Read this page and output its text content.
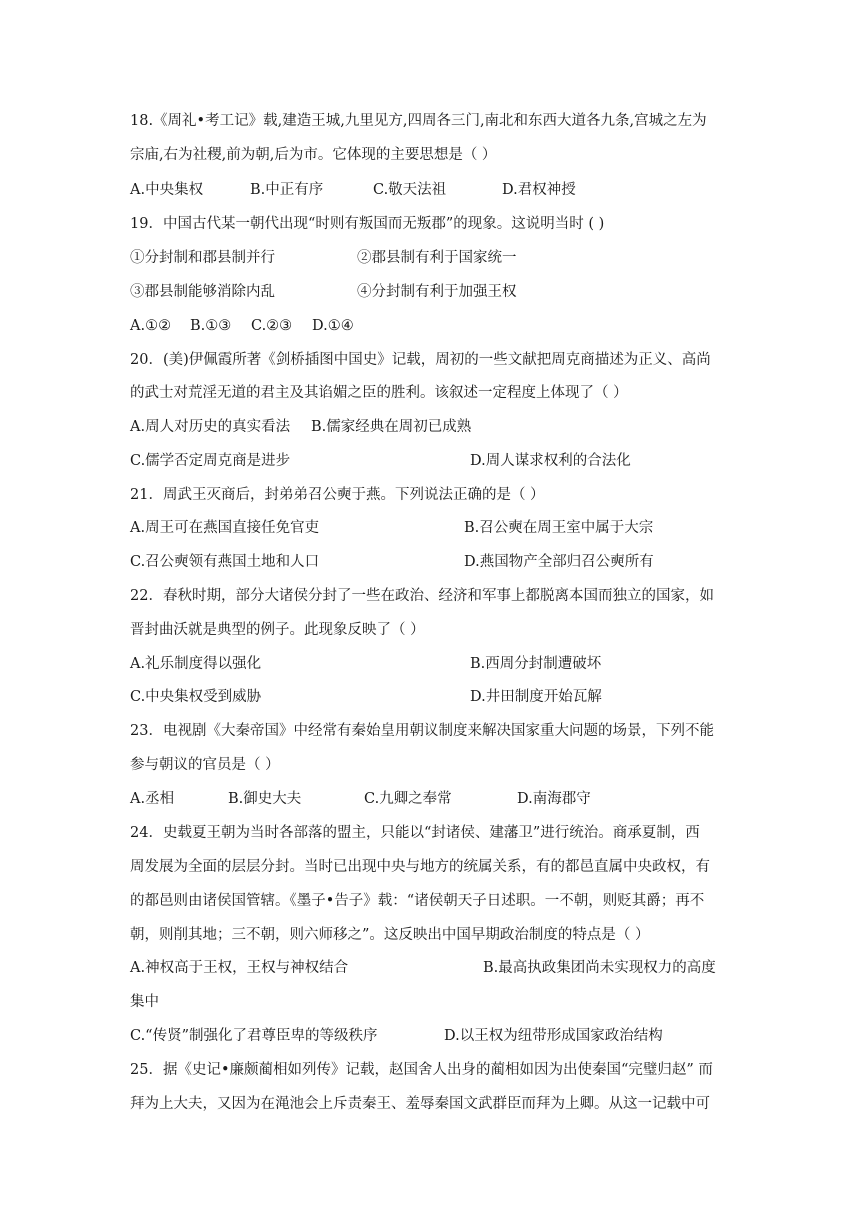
18.《周礼•考工记》载,建造王城,九里见方,四周各三门,南北和东西大道各九条,宫城之左为
宗庙,右为社稷,前为朝,后为市。它体现的主要思想是（ ）
A.中央集权	B.中正有序	C.敬天法祖	D.君权神授
19．中国古代某一朝代出现“时则有叛国而无叛郡”的现象。这说明当时 ( )
①分封制和郡县制并行	②郡县制有利于国家统一
③郡县制能够消除内乱	④分封制有利于加强王权
A.①② B.①③ C.②③ D.①④
20．(美)伊佩霞所著《剑桥插图中国史》记载，周初的一些文献把周克商描述为正义、高尚
的武士对荒淫无道的君主及其谄媚之臣的胜利。该叙述一定程度上体现了（ ）
A.周人对历史的真实看法 B.儒家经典在周初已成熟
C.儒学否定周克商是进步	D.周人谋求权利的合法化
21．周武王灭商后，封弟弟召公奭于燕。下列说法正确的是（ ）
A.周王可在燕国直接任免官吏	B.召公奭在周王室中属于大宗
C.召公奭领有燕国土地和人口	D.燕国物产全部归召公奭所有
22．春秋时期，部分大诸侯分封了一些在政治、经济和军事上都脱离本国而独立的国家，如
晋封曲沃就是典型的例子。此现象反映了（ ）
A.礼乐制度得以强化	B.西周分封制遭破坏
C.中央集权受到威胁	D.井田制度开始瓦解
23．电视剧《大秦帝国》中经常有秦始皇用朝议制度来解决国家重大问题的场景，下列不能
参与朝议的官员是（ ）
A.丞相	B.御史大夫	C.九卿之奉常	D.南海郡守
24．史载夏王朝为当时各部落的盟主，只能以“封诸侯、建藩卫”进行统治。商承夏制，西
周发展为全面的层层分封。当时已出现中央与地方的统属关系，有的都邑直属中央政权，有
的都邑则由诸侯国管辖。《墨子•告子》载：“诸侯朝天子日述职。一不朝，则贬其爵；再不
朝，则削其地；三不朝，则六师移之”。这反映出中国早期政治制度的特点是（ ）
A.神权高于王权，王权与神权结合	B.最高执政集团尚未实现权力的高度
集中
C.“传贤”制强化了君尊臣卑的等级秩序	D.以王权为纽带形成国家政治结构
25．据《史记•廉颇蔺相如列传》记载，赵国舍人出身的蔺相如因为出使秦国“完璧归赵” 而
拜为上大夫，又因为在渑池会上斥责秦王、羞辱秦国文武群臣而拜为上卿。从这一记载中可
